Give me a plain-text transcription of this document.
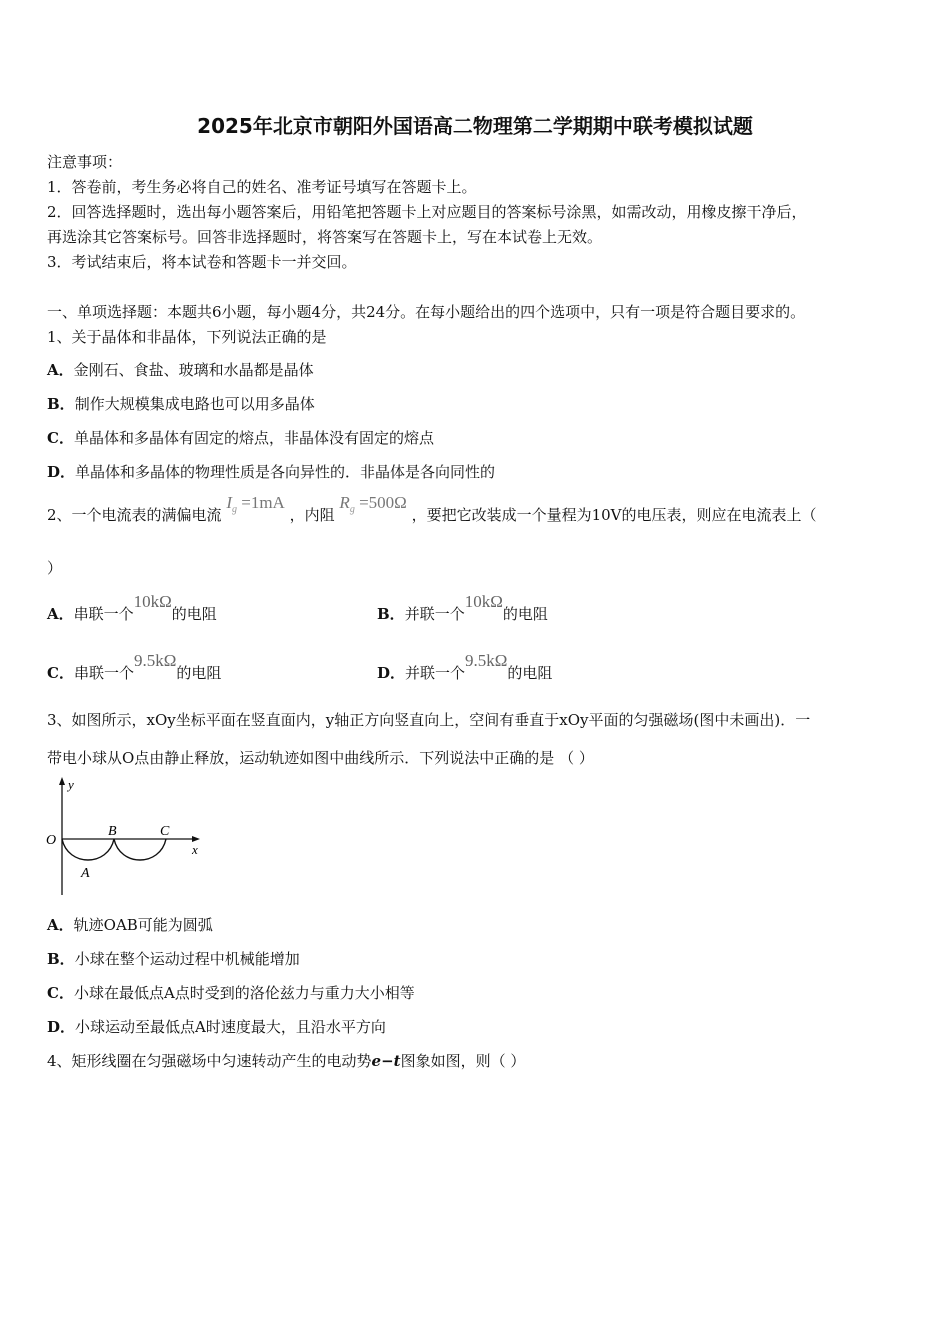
2025年北京市朝阳外国语高二物理第二学期期中联考模拟试题
注意事项：
1．答卷前，考生务必将自己的姓名、准考证号填写在答题卡上。
2．回答选择题时，选出每小题答案后，用铅笔把答题卡上对应题目的答案标号涂黑，如需改动，用橡皮擦干净后，
再选涂其它答案标号。回答非选择题时，将答案写在答题卡上，写在本试卷上无效。
3．考试结束后，将本试卷和答题卡一并交回。
一、单项选择题：本题共6小题，每小题4分，共24分。在每小题给出的四个选项中，只有一项是符合题目要求的。
1、关于晶体和非晶体，下列说法正确的是
A．金刚石、食盐、玻璃和水晶都是晶体
B．制作大规模集成电路也可以用多晶体
C．单晶体和多晶体有固定的熔点，非晶体没有固定的熔点
D．单晶体和多晶体的物理性质是各向异性的．非晶体是各向同性的
2、一个电流表的满偏电流 $I_g =1mA$ ，内阻 $R_g =500\Omega$ ，要把它改装成一个量程为10V的电压表，则应在电流表上（
）
A．串联一个10kΩ的电阻	B．并联一个10kΩ的电阻
C．串联一个9.5kΩ的电阻	D．并联一个9.5kΩ的电阻
3、如图所示，xOy坐标平面在竖直面内，y轴正方向竖直向上，空间有垂直于xOy平面的匀强磁场(图中未画出)．一
带电小球从O点由静止释放，运动轨迹如图中曲线所示．下列说法中正确的是 （ ）
y
O
x
A
B	C
A．轨迹OAB可能为圆弧
B．小球在整个运动过程中机械能增加
C．小球在最低点A点时受到的洛伦兹力与重力大小相等
D．小球运动至最低点A时速度最大，且沿水平方向
4、矩形线圈在匀强磁场中匀速转动产生的电动势e−t图象如图，则（ ）
